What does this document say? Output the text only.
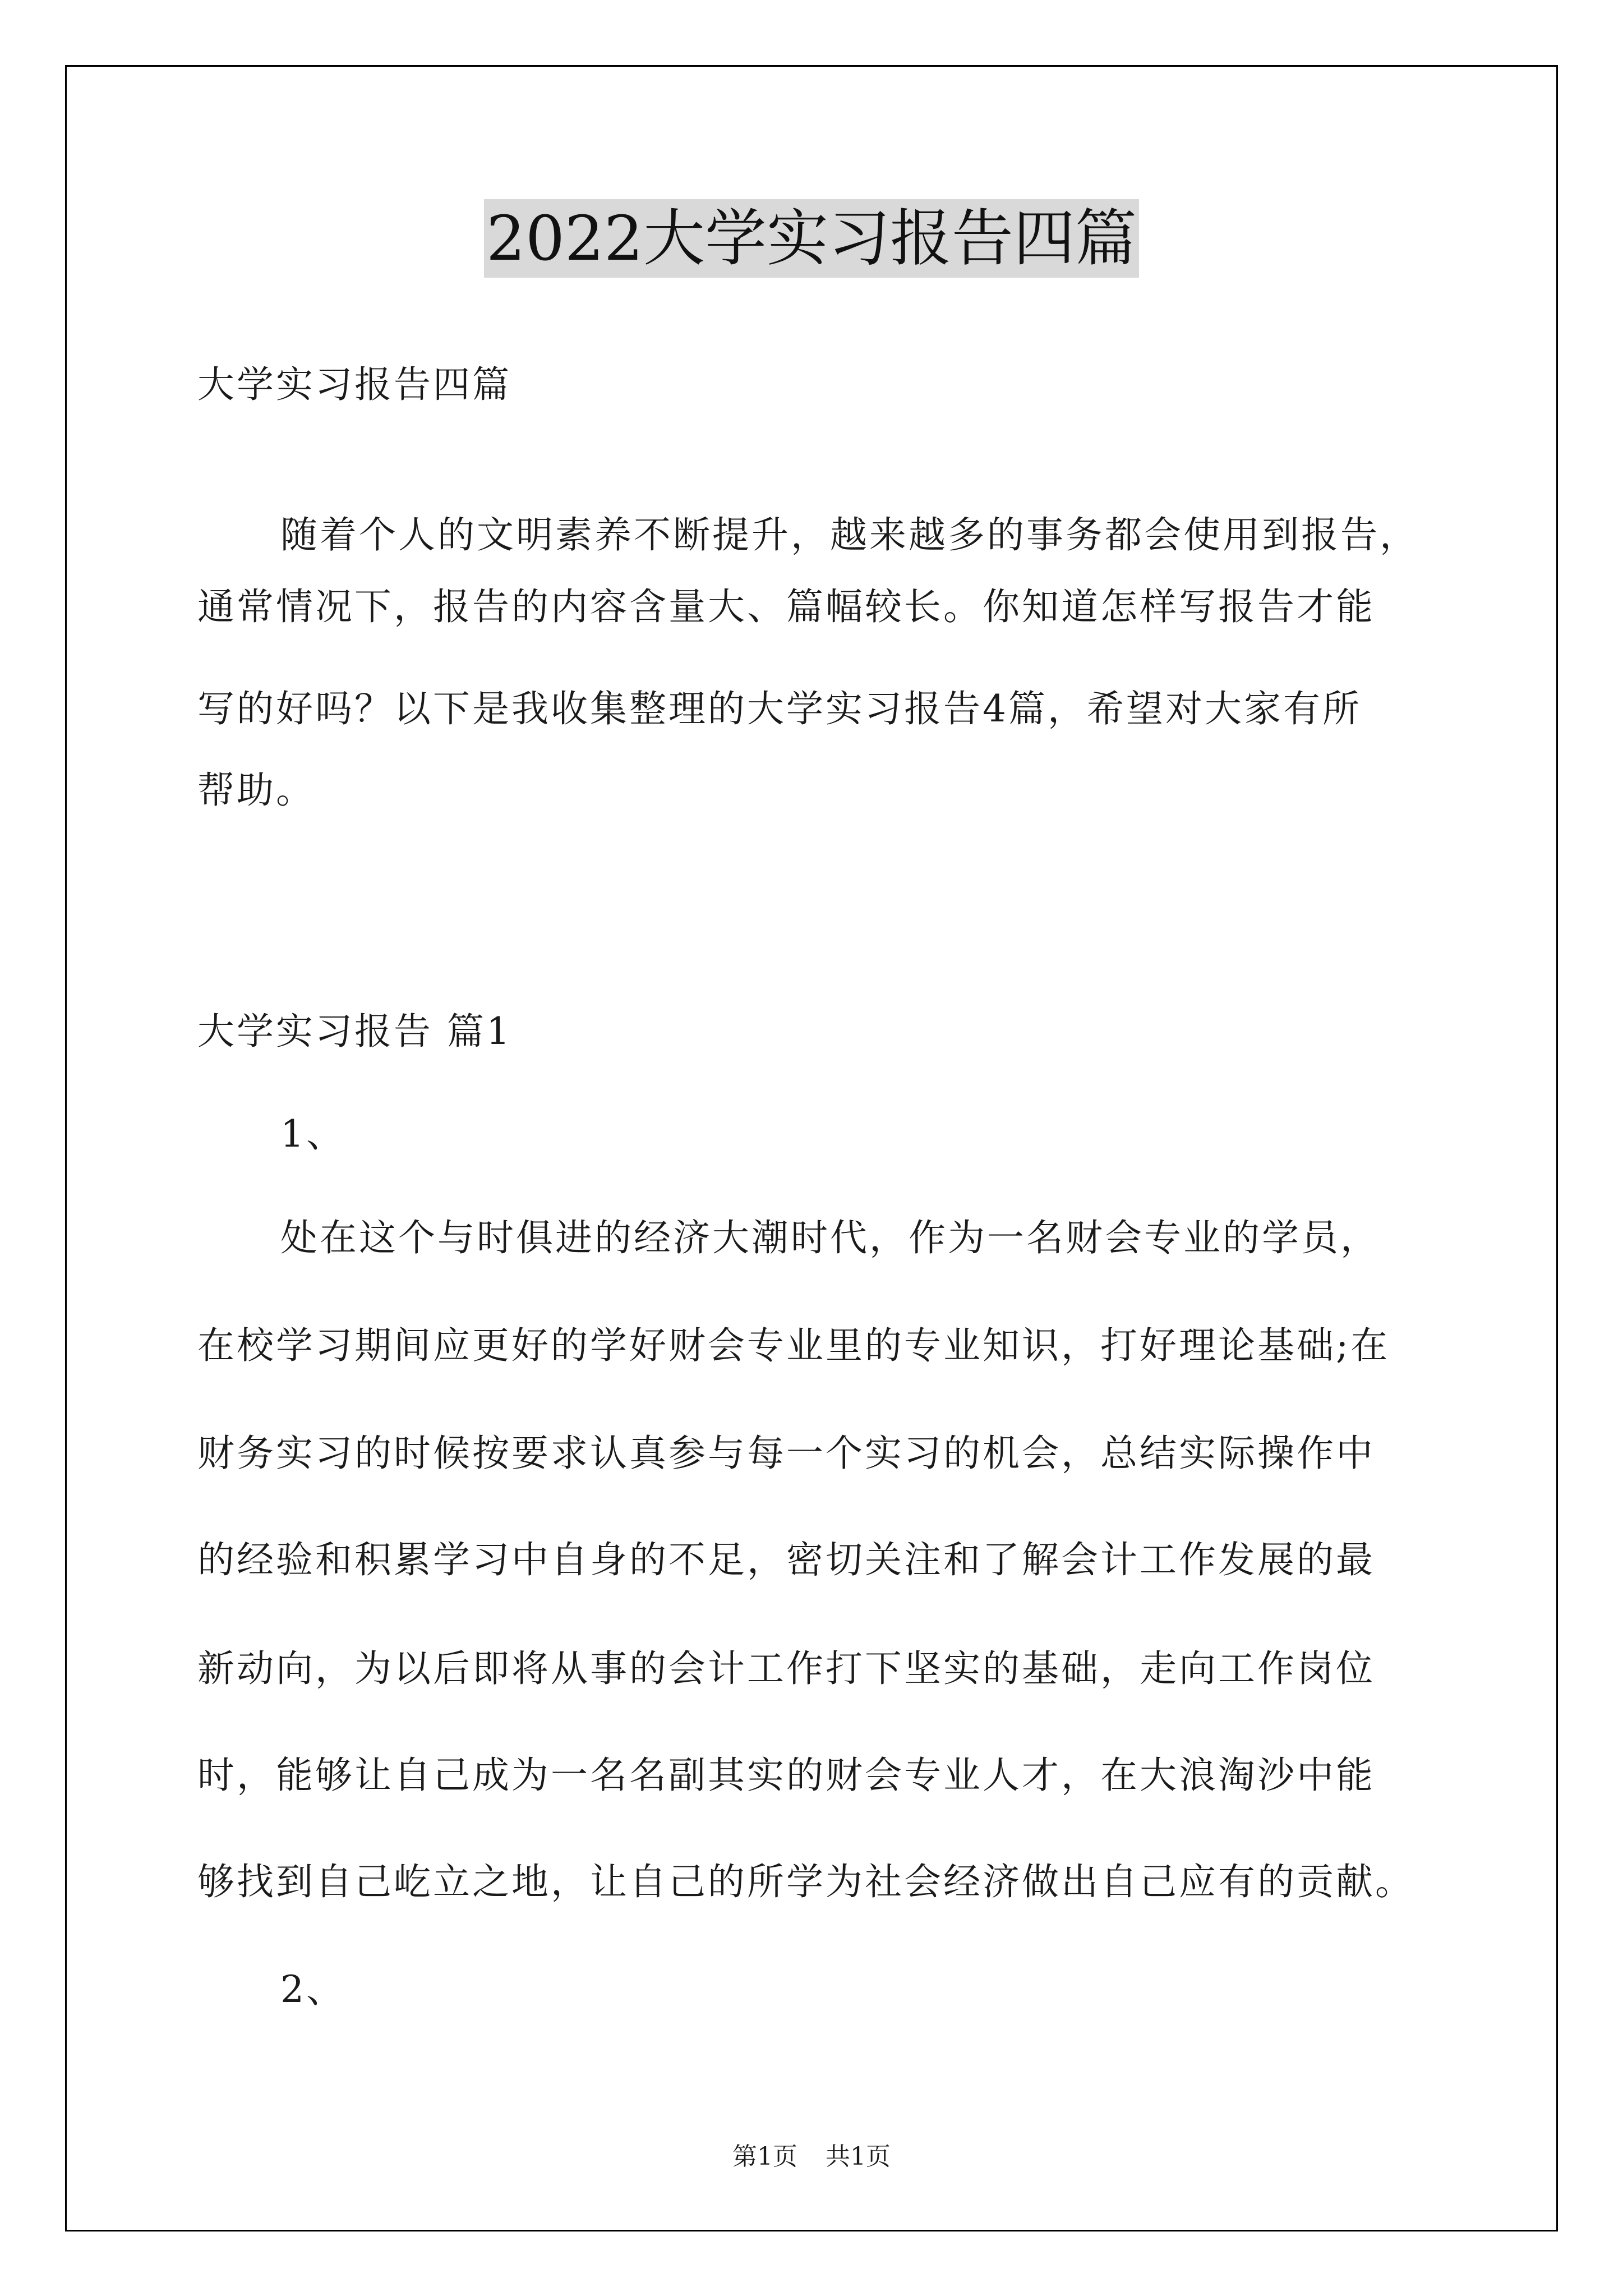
2022大学实习报告四篇
大学实习报告四篇
随着个人的文明素养不断提升，越来越多的事务都会使用到报告，
通常情况下，报告的内容含量大、篇幅较长。你知道怎样写报告才能
写的好吗？以下是我收集整理的大学实习报告4篇，希望对大家有所
帮助。
大学实习报告 篇1
1、
处在这个与时俱进的经济大潮时代，作为一名财会专业的学员，
在校学习期间应更好的学好财会专业里的专业知识，打好理论基础;在
财务实习的时候按要求认真参与每一个实习的机会，总结实际操作中
的经验和积累学习中自身的不足，密切关注和了解会计工作发展的最
新动向，为以后即将从事的会计工作打下坚实的基础，走向工作岗位
时，能够让自己成为一名名副其实的财会专业人才，在大浪淘沙中能
够找到自己屹立之地，让自己的所学为社会经济做出自己应有的贡献。
2、
第1页 共1页
